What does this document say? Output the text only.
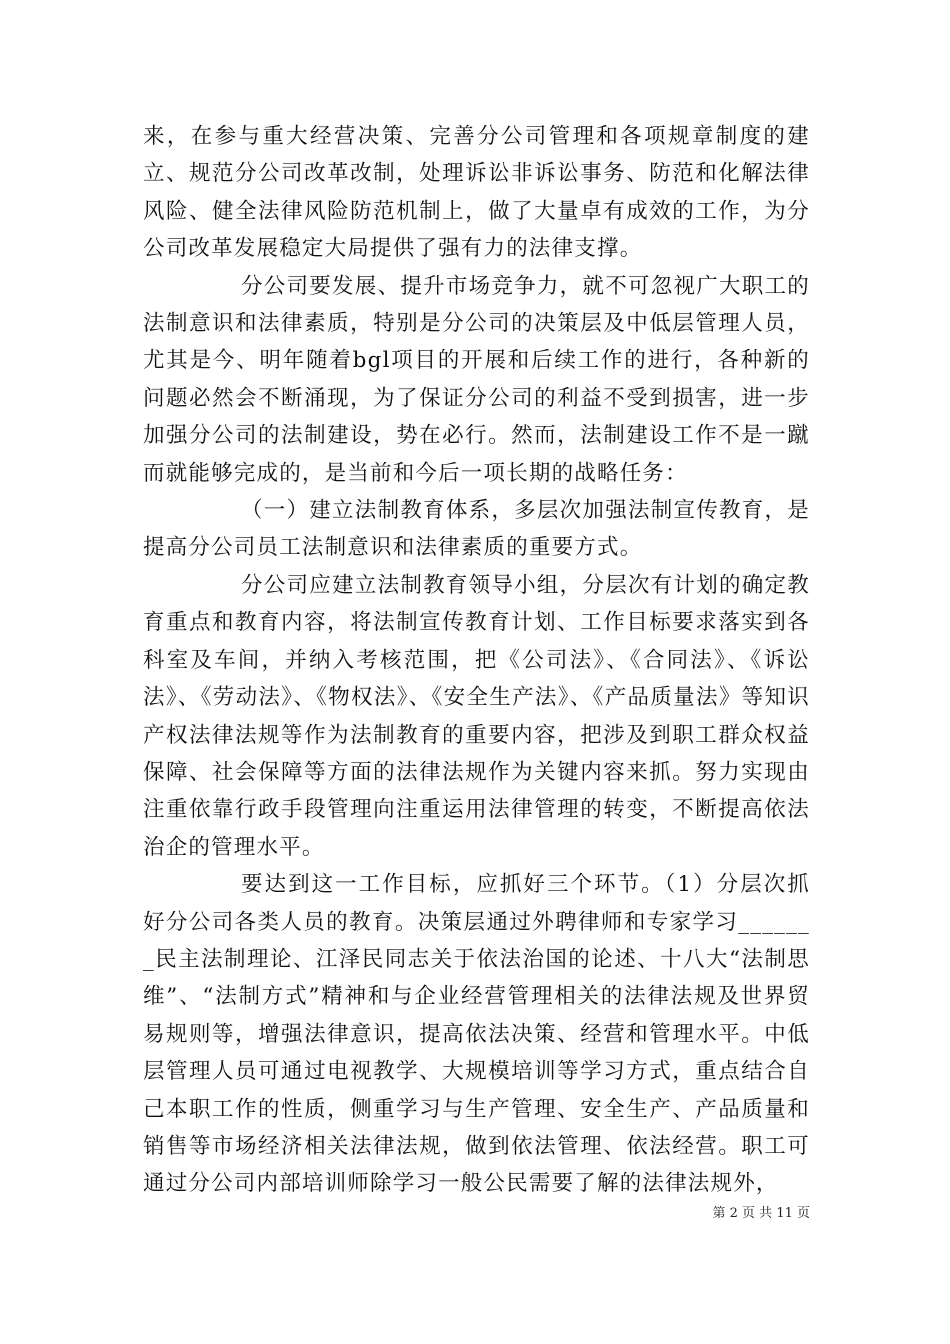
来，在参与重大经营决策、完善分公司管理和各项规章制度的建立、规范分公司改革改制，处理诉讼非诉讼事务、防范和化解法律风险、健全法律风险防范机制上，做了大量卓有成效的工作，为分公司改革发展稳定大局提供了强有力的法律支撑。

分公司要发展、提升市场竞争力，就不可忽视广大职工的法制意识和法律素质，特别是分公司的决策层及中低层管理人员，尤其是今、明年随着bgl项目的开展和后续工作的进行，各种新的问题必然会不断涌现，为了保证分公司的利益不受到损害，进一步加强分公司的法制建设，势在必行。然而，法制建设工作不是一蹴而就能够完成的，是当前和今后一项长期的战略任务：

（一）建立法制教育体系，多层次加强法制宣传教育，是提高分公司员工法制意识和法律素质的重要方式。

分公司应建立法制教育领导小组，分层次有计划的确定教育重点和教育内容，将法制宣传教育计划、工作目标要求落实到各科室及车间，并纳入考核范围，把《公司法》、《合同法》、《诉讼法》、《劳动法》、《物权法》、《安全生产法》、《产品质量法》等知识产权法律法规等作为法制教育的重要内容，把涉及到职工群众权益保障、社会保障等方面的法律法规作为关键内容来抓。努力实现由注重依靠行政手段管理向注重运用法律管理的转变，不断提高依法治企的管理水平。

要达到这一工作目标，应抓好三个环节。（1）分层次抓好分公司各类人员的教育。决策层通过外聘律师和专家学习_______民主法制理论、江泽民同志关于依法治国的论述、十八大“法制思维”、“法制方式”精神和与企业经营管理相关的法律法规及世界贸易规则等，增强法律意识，提高依法决策、经营和管理水平。中低层管理人员可通过电视教学、大规模培训等学习方式，重点结合自己本职工作的性质，侧重学习与生产管理、安全生产、产品质量和销售等市场经济相关法律法规，做到依法管理、依法经营。职工可通过分公司内部培训师除学习一般公民需要了解的法律法规外，

第 2 页 共 11 页
